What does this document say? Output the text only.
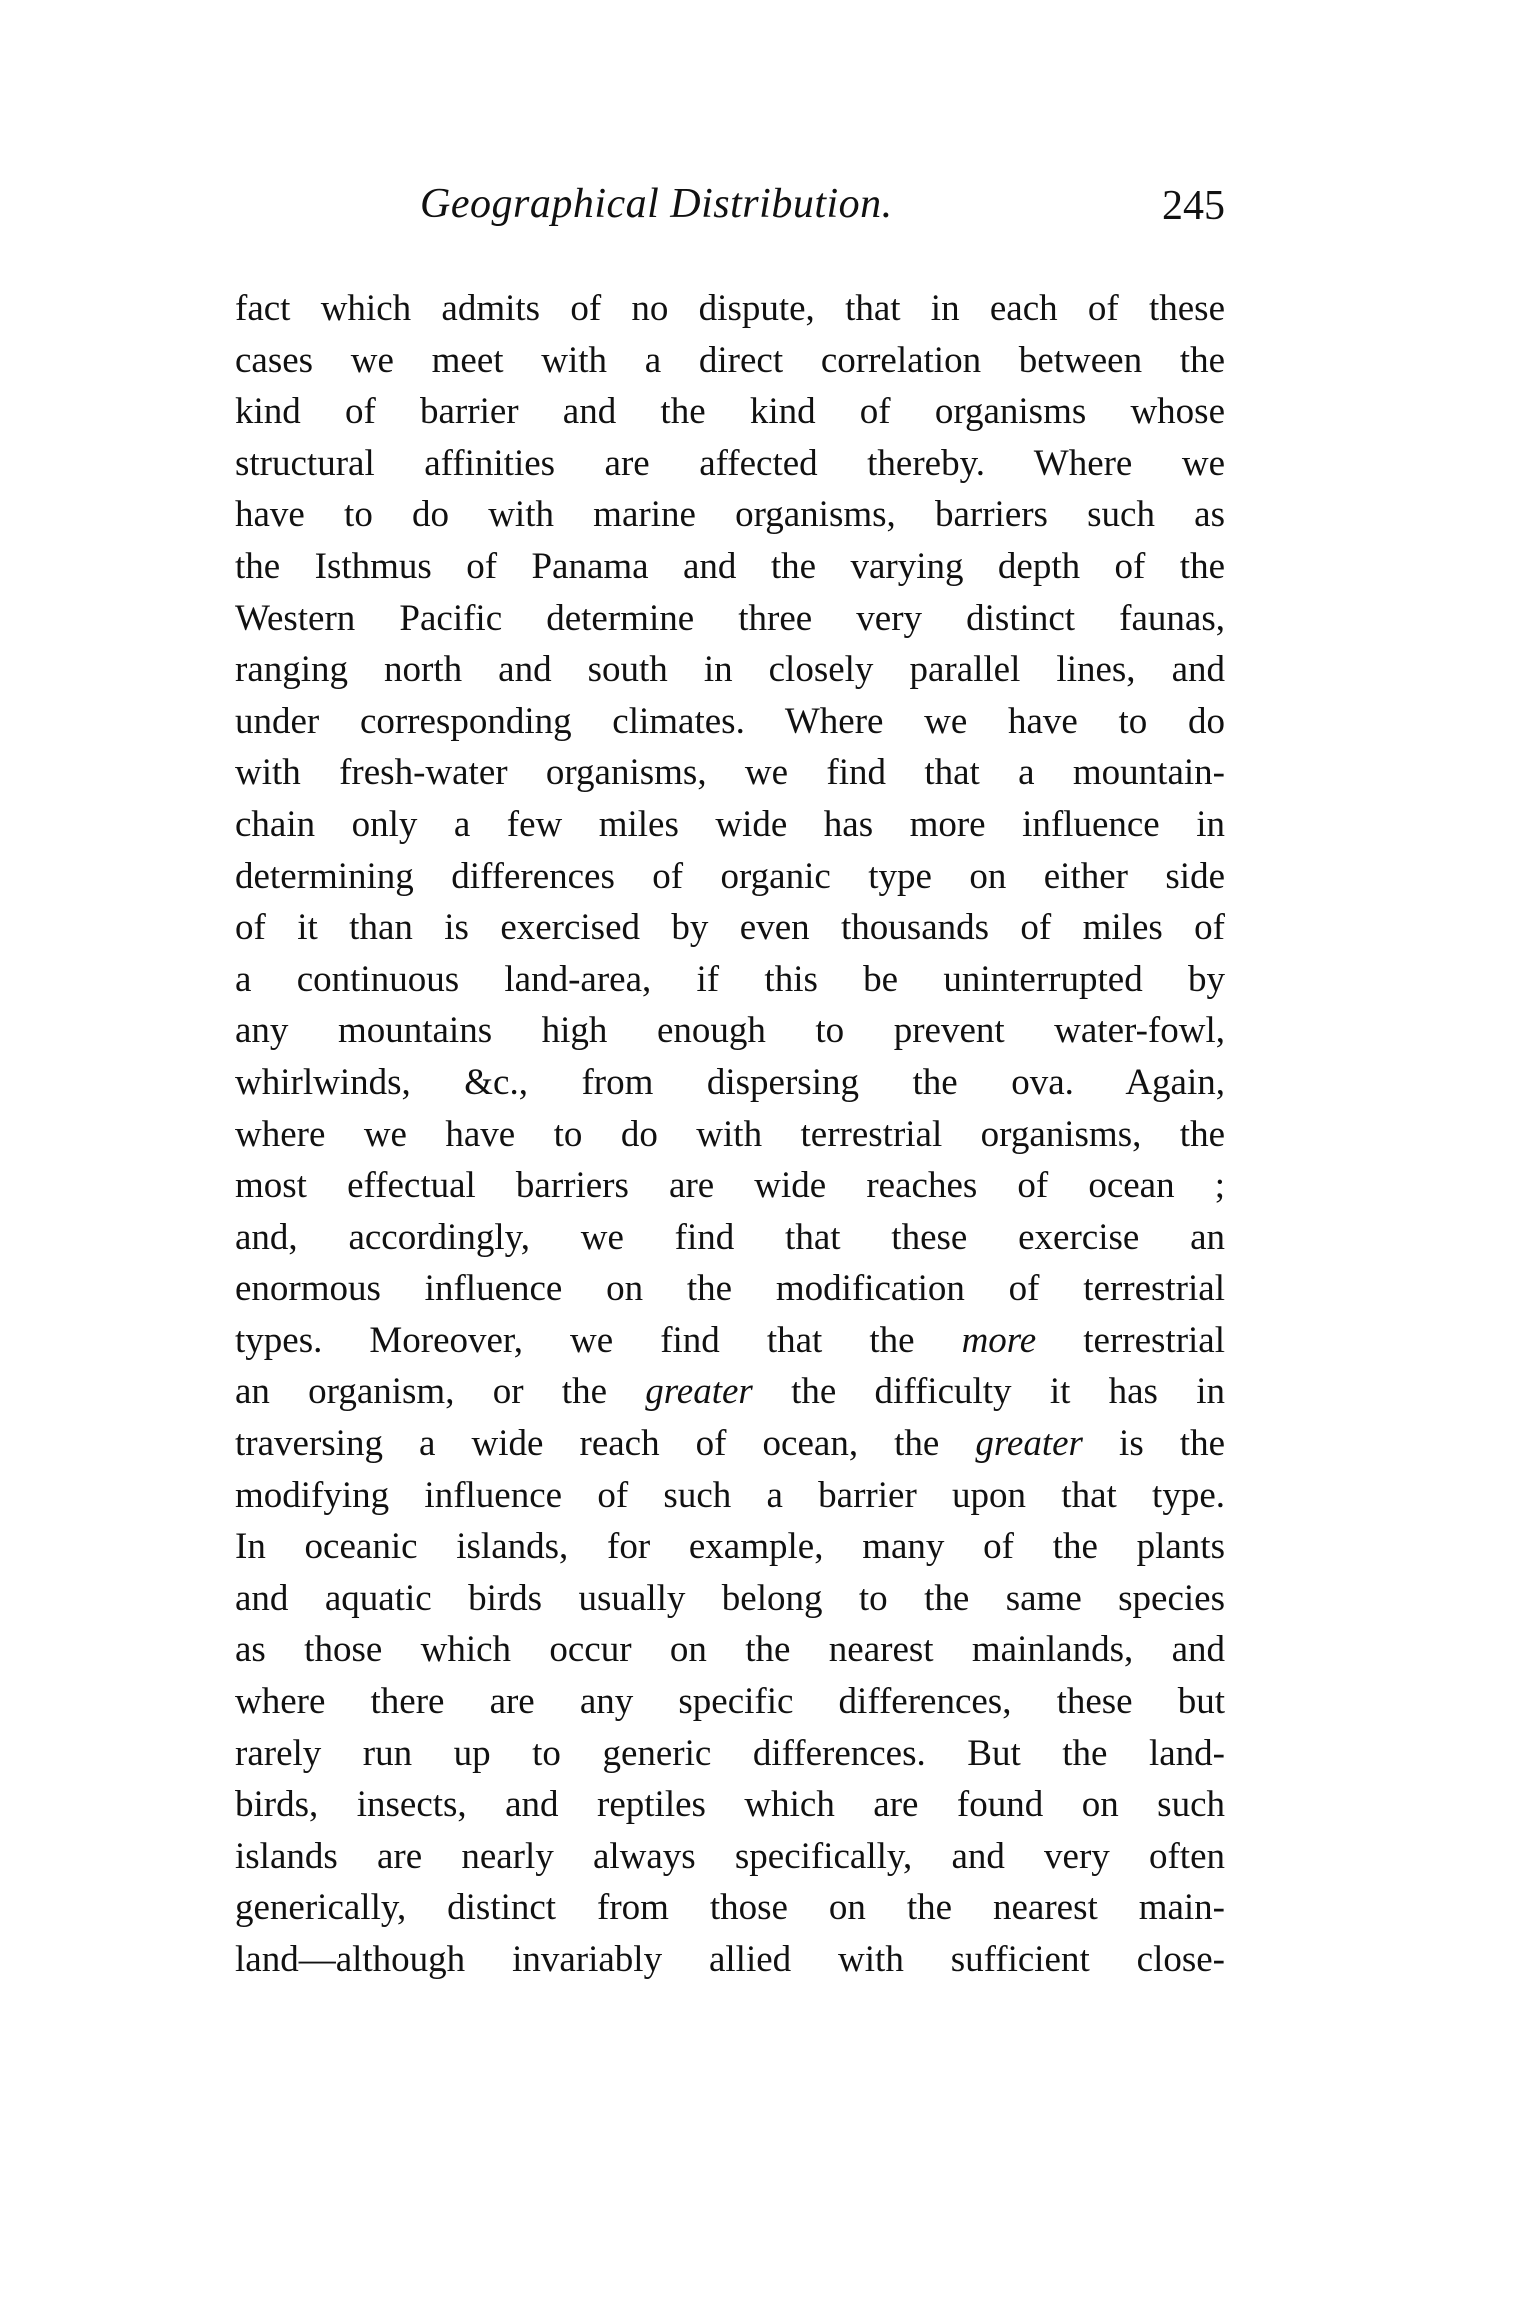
Geographical Distribution.	245
fact which admits of no dispute, that in each of these
cases we meet with a direct correlation between the
kind of barrier and the kind of organisms whose
structural affinities are affected thereby. Where we
have to do with marine organisms, barriers such as
the Isthmus of Panama and the varying depth of the
Western Pacific determine three very distinct faunas,
ranging north and south in closely parallel lines, and
under corresponding climates. Where we have to do
with fresh-water organisms, we find that a mountain-
chain only a few miles wide has more influence in
determining differences of organic type on either side
of it than is exercised by even thousands of miles of
a continuous land-area, if this be uninterrupted by
any mountains high enough to prevent water-fowl,
whirlwinds, &c., from dispersing the ova. Again,
where we have to do with terrestrial organisms, the
most effectual barriers are wide reaches of ocean ;
and, accordingly, we find that these exercise an
enormous influence on the modification of terrestrial
types. Moreover, we find that the more terrestrial
an organism, or the greater the difficulty it has in
traversing a wide reach of ocean, the greater is the
modifying influence of such a barrier upon that type.
In oceanic islands, for example, many of the plants
and aquatic birds usually belong to the same species
as those which occur on the nearest mainlands, and
where there are any specific differences, these but
rarely run up to generic differences. But the land-
birds, insects, and reptiles which are found on such
islands are nearly always specifically, and very often
generically, distinct from those on the nearest main-
land—although invariably allied with sufficient close-
